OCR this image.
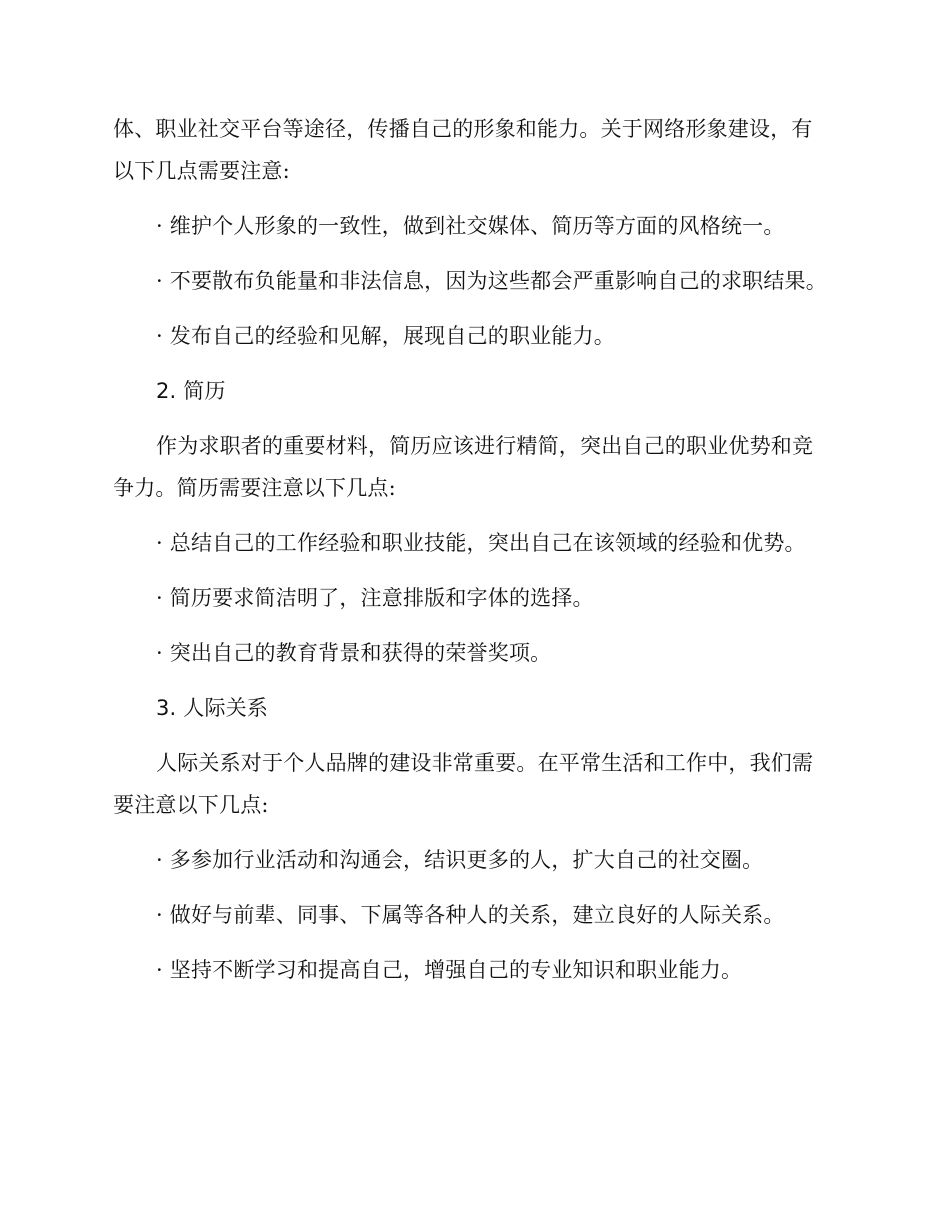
体、职业社交平台等途径，传播自己的形象和能力。关于网络形象建设，有以下几点需要注意:

· 维护个人形象的一致性，做到社交媒体、简历等方面的风格统一。

· 不要散布负能量和非法信息，因为这些都会严重影响自己的求职结果。

· 发布自己的经验和见解，展现自己的职业能力。

2. 简历

作为求职者的重要材料，简历应该进行精简，突出自己的职业优势和竞争力。简历需要注意以下几点:

· 总结自己的工作经验和职业技能，突出自己在该领域的经验和优势。

· 简历要求简洁明了，注意排版和字体的选择。

· 突出自己的教育背景和获得的荣誉奖项。

3. 人际关系

人际关系对于个人品牌的建设非常重要。在平常生活和工作中，我们需要注意以下几点:

· 多参加行业活动和沟通会，结识更多的人，扩大自己的社交圈。

· 做好与前辈、同事、下属等各种人的关系，建立良好的人际关系。

· 坚持不断学习和提高自己，增强自己的专业知识和职业能力。
